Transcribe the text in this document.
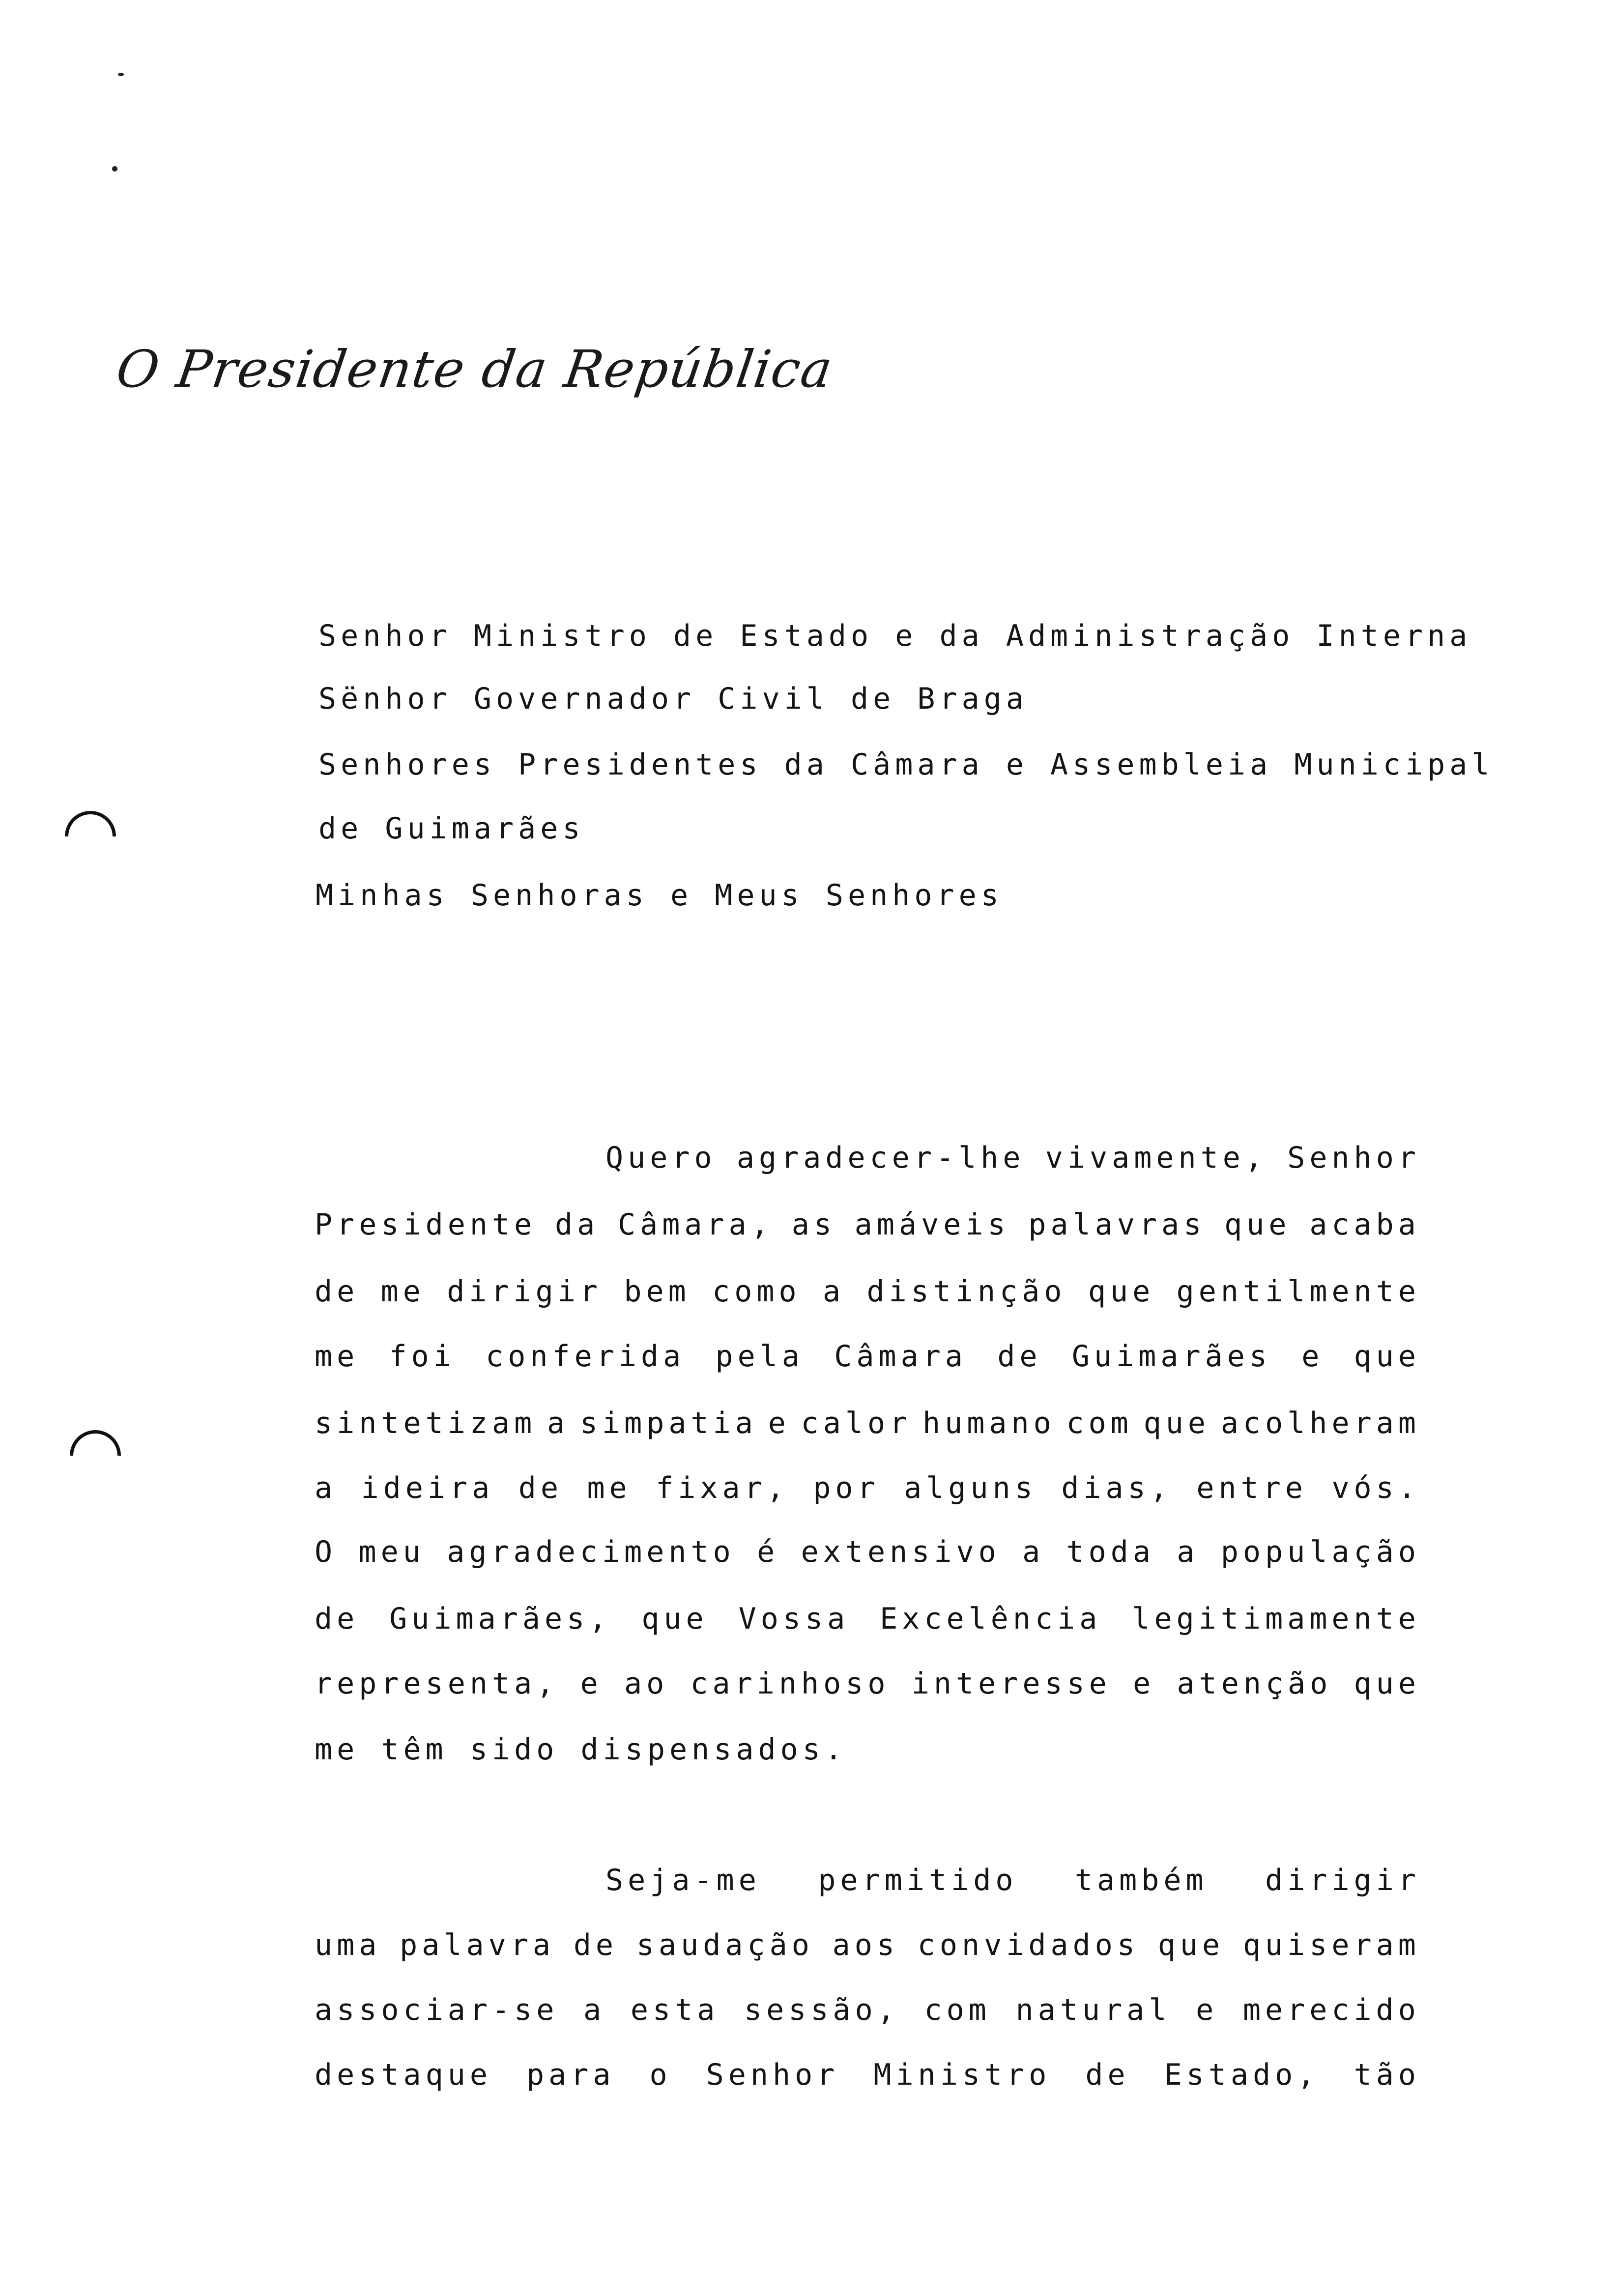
O Presidente da República
Senhor Ministro de Estado e da Administração Interna
Sënhor Governador Civil de Braga
Senhores Presidentes da Câmara e Assembleia Municipal
de Guimarães
Minhas Senhoras e Meus Senhores
Quero agradecer-lhe vivamente, Senhor
Presidente da Câmara, as amáveis palavras que acaba
de me dirigir bem como a distinção que gentilmente
me foi conferida pela Câmara de Guimarães e que
sintetizam a simpatia e calor humano com que acolheram
a ideira de me fixar, por alguns dias, entre vós.
O meu agradecimento é extensivo a toda a população
de Guimarães, que Vossa Excelência legitimamente
representa, e ao carinhoso interesse e atenção que
me têm sido dispensados.
Seja-me permitido também dirigir
uma palavra de saudação aos convidados que quiseram
associar-se a esta sessão, com natural e merecido
destaque para o Senhor Ministro de Estado, tão
